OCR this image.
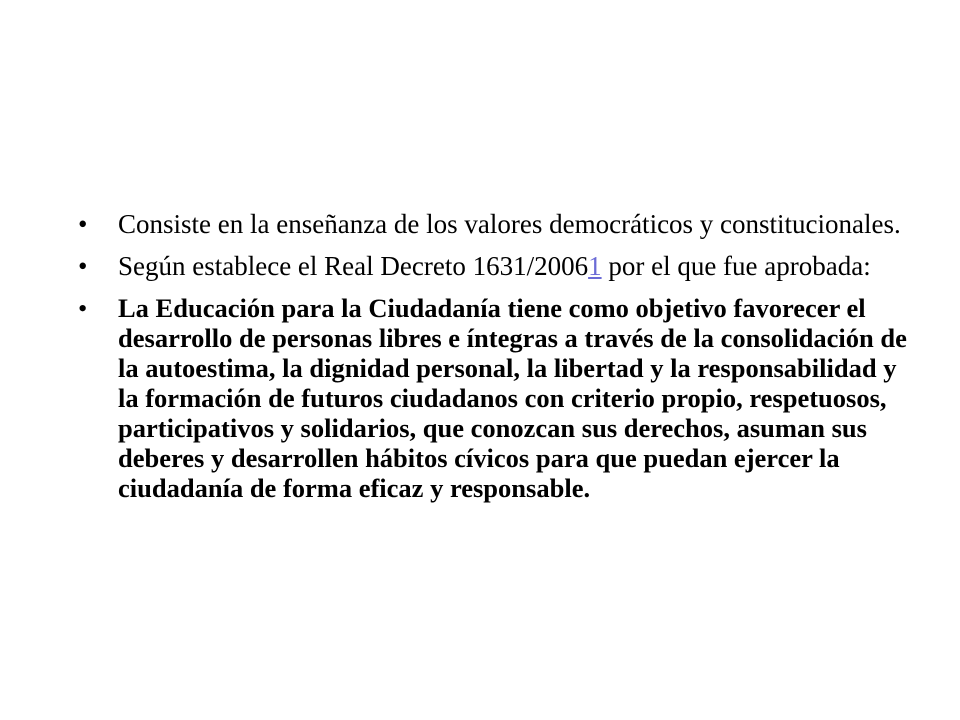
• Consiste en la enseñanza de los valores democráticos y constitucionales.
• Según establece el Real Decreto 1631/20061 por el que fue aprobada:
• La Educación para la Ciudadanía tiene como objetivo favorecer el desarrollo de personas libres e íntegras a través de la consolidación de la autoestima, la dignidad personal, la libertad y la responsabilidad y la formación de futuros ciudadanos con criterio propio, respetuosos, participativos y solidarios, que conozcan sus derechos, asuman sus deberes y desarrollen hábitos cívicos para que puedan ejercer la ciudadanía de forma eficaz y responsable.
